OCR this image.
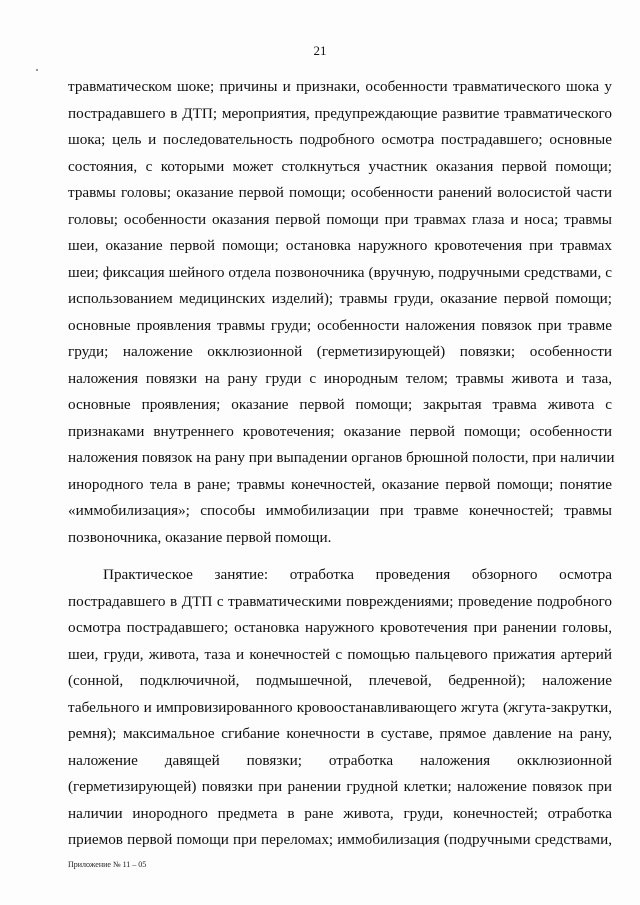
21
травматическом шоке; причины и признаки, особенности травматического шока у
пострадавшего в ДТП; мероприятия, предупреждающие развитие травматического
шока; цель и последовательность подробного осмотра пострадавшего; основные
состояния, с которыми может столкнуться участник оказания первой помощи;
травмы головы; оказание первой помощи; особенности ранений волосистой части
головы; особенности оказания первой помощи при травмах глаза и носа; травмы
шеи, оказание первой помощи; остановка наружного кровотечения при травмах
шеи; фиксация шейного отдела позвоночника (вручную, подручными средствами, с
использованием медицинских изделий); травмы груди, оказание первой помощи;
основные проявления травмы груди; особенности наложения повязок при травме
груди; наложение окклюзионной (герметизирующей) повязки; особенности
наложения повязки на рану груди с инородным телом; травмы живота и таза,
основные проявления; оказание первой помощи; закрытая травма живота с
признаками внутреннего кровотечения; оказание первой помощи; особенности
наложения повязок на рану при выпадении органов брюшной полости, при наличии
инородного тела в ране; травмы конечностей, оказание первой помощи; понятие
«иммобилизация»; способы иммобилизации при травме конечностей; травмы
позвоночника, оказание первой помощи.
Практическое занятие: отработка проведения обзорного осмотра
пострадавшего в ДТП с травматическими повреждениями; проведение подробного
осмотра пострадавшего; остановка наружного кровотечения при ранении головы,
шеи, груди, живота, таза и конечностей с помощью пальцевого прижатия артерий
(сонной, подключичной, подмышечной, плечевой, бедренной); наложение
табельного и импровизированного кровоостанавливающего жгута (жгута-закрутки,
ремня); максимальное сгибание конечности в суставе, прямое давление на рану,
наложение давящей повязки; отработка наложения окклюзионной
(герметизирующей) повязки при ранении грудной клетки; наложение повязок при
наличии инородного предмета в ране живота, груди, конечностей; отработка
приемов первой помощи при переломах; иммобилизация (подручными средствами,
Приложение № 11 – 05
